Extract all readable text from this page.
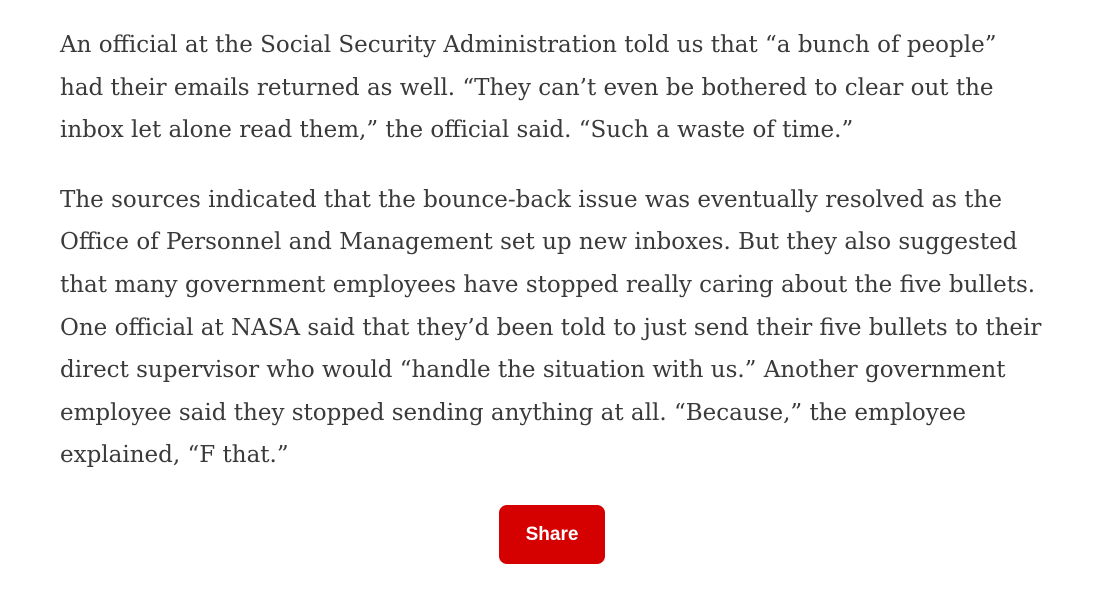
An official at the Social Security Administration told us that “a bunch of people” had their emails returned as well. “They can’t even be bothered to clear out the inbox let alone read them,” the official said. “Such a waste of time.”

The sources indicated that the bounce-back issue was eventually resolved as the Office of Personnel and Management set up new inboxes. But they also suggested that many government employees have stopped really caring about the five bullets. One official at NASA said that they’d been told to just send their five bullets to their direct supervisor who would “handle the situation with us.” Another government employee said they stopped sending anything at all. “Because,” the employee explained, “F that.”

Share
